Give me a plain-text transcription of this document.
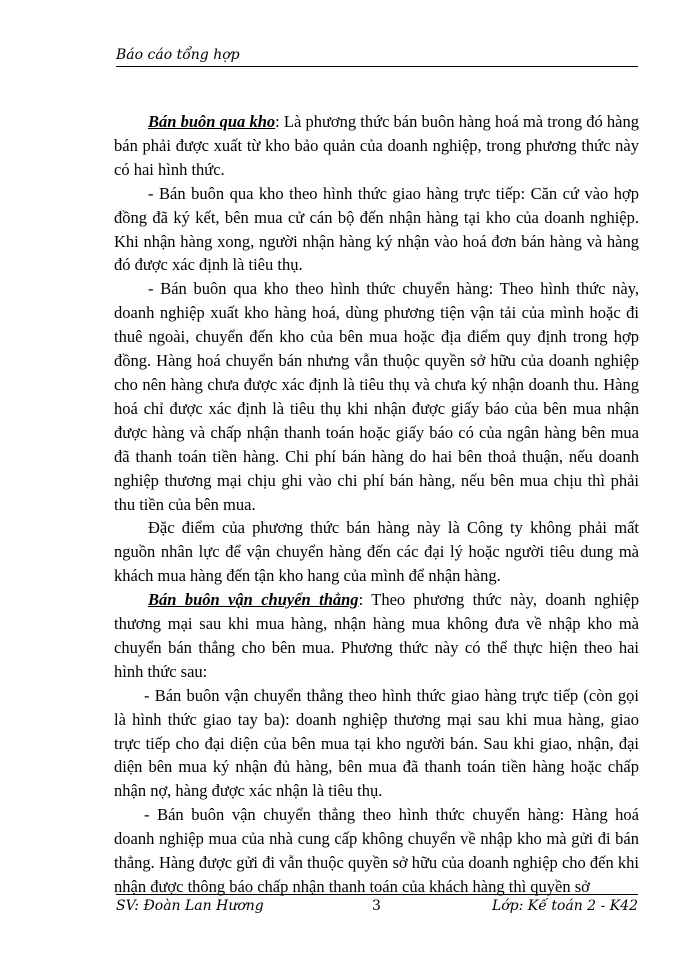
Báo cáo tổng hợp

Bán buôn qua kho: Là phương thức bán buôn hàng hoá mà trong đó hàng bán phải được xuất từ kho bảo quản của doanh nghiệp, trong phương thức này có hai hình thức.

- Bán buôn qua kho theo hình thức giao hàng trực tiếp: Căn cứ vào hợp đồng đã ký kết, bên mua cử cán bộ đến nhận hàng tại kho của doanh nghiệp. Khi nhận hàng xong, người nhận hàng ký nhận vào hoá đơn bán hàng và hàng đó được xác định là tiêu thụ.

- Bán buôn qua kho theo hình thức chuyển hàng: Theo hình thức này, doanh nghiệp xuất kho hàng hoá, dùng phương tiện vận tải của mình hoặc đi thuê ngoài, chuyển đến kho của bên mua hoặc địa điểm quy định trong hợp đồng. Hàng hoá chuyển bán nhưng vẫn thuộc quyền sở hữu của doanh nghiệp cho nên hàng chưa được xác định là tiêu thụ và chưa ký nhận doanh thu. Hàng hoá chỉ được xác định là tiêu thụ khi nhận được giấy báo của bên mua nhận được hàng và chấp nhận thanh toán hoặc giấy báo có của ngân hàng bên mua đã thanh toán tiền hàng. Chi phí bán hàng do hai bên thoả thuận, nếu doanh nghiệp thương mại chịu ghi vào chi phí bán hàng, nếu bên mua chịu thì phải thu tiền của bên mua.

Đặc điểm của phương thức bán hàng này là Công ty không phải mất nguồn nhân lực để vận chuyển hàng đến các đại lý hoặc người tiêu dung mà khách mua hàng đến tận kho hang của mình để nhận hàng.

Bán buôn vận chuyển thẳng: Theo phương thức này, doanh nghiệp thương mại sau khi mua hàng, nhận hàng mua không đưa về nhập kho mà chuyển bán thẳng cho bên mua. Phương thức này có thể thực hiện theo hai hình thức sau:

- Bán buôn vận chuyển thẳng theo hình thức giao hàng trực tiếp (còn gọi là hình thức giao tay ba): doanh nghiệp thương mại sau khi mua hàng, giao trực tiếp cho đại diện của bên mua tại kho người bán. Sau khi giao, nhận, đại diện bên mua ký nhận đủ hàng, bên mua đã thanh toán tiền hàng hoặc chấp nhận nợ, hàng được xác nhận là tiêu thụ.

- Bán buôn vận chuyển thẳng theo hình thức chuyển hàng: Hàng hoá doanh nghiệp mua của nhà cung cấp không chuyển về nhập kho mà gửi đi bán thẳng. Hàng được gửi đi vẫn thuộc quyền sở hữu của doanh nghiệp cho đến khi nhận được thông báo chấp nhận thanh toán của khách hàng thì quyền sở

SV: Đoàn Lan Hương	3	Lớp: Kế toán 2 - K42
